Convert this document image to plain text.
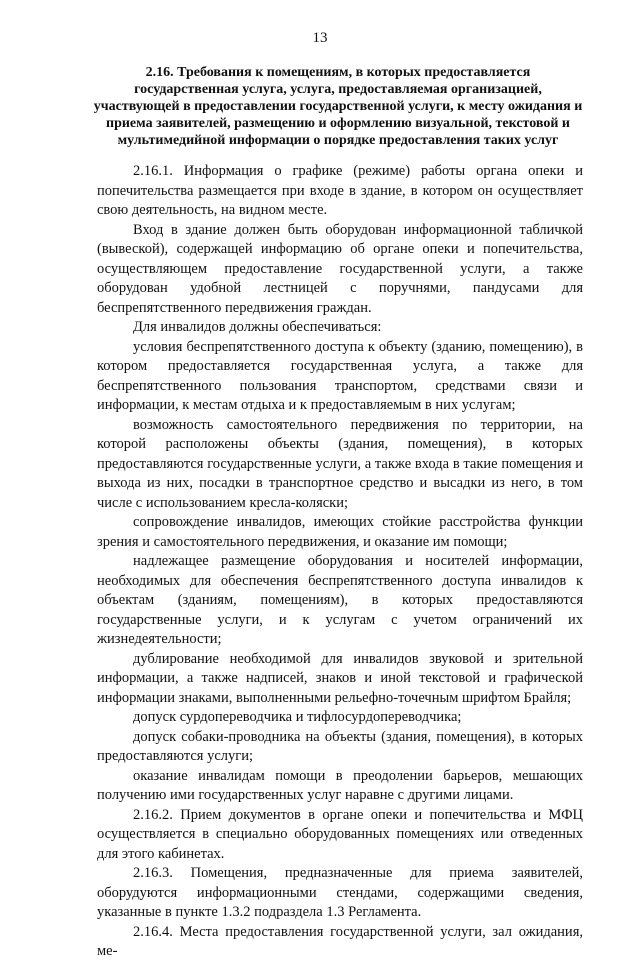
13
2.16. Требования к помещениям, в которых предоставляется государственная услуга, услуга, предоставляемая организацией, участвующей в предоставлении государственной услуги, к месту ожидания и приема заявителей, размещению и оформлению визуальной, текстовой и мультимедийной информации о порядке предоставления таких услуг

2.16.1. Информация о графике (режиме) работы органа опеки и попечительства размещается при входе в здание, в котором он осуществляет свою деятельность, на видном месте.

Вход в здание должен быть оборудован информационной табличкой (вывеской), содержащей информацию об органе опеки и попечительства, осуществляющем предоставление государственной услуги, а также оборудован удобной лестницей с поручнями, пандусами для беспрепятственного передвижения граждан.

Для инвалидов должны обеспечиваться:

условия беспрепятственного доступа к объекту (зданию, помещению), в котором предоставляется государственная услуга, а также для беспрепятственного пользования транспортом, средствами связи и информации, к местам отдыха и к предоставляемым в них услугам;

возможность самостоятельного передвижения по территории, на которой расположены объекты (здания, помещения), в которых предоставляются государственные услуги, а также входа в такие помещения и выхода из них, посадки в транспортное средство и высадки из него, в том числе с использованием кресла-коляски;

сопровождение инвалидов, имеющих стойкие расстройства функции зрения и самостоятельного передвижения, и оказание им помощи;

надлежащее размещение оборудования и носителей информации, необходимых для обеспечения беспрепятственного доступа инвалидов к объектам (зданиям, помещениям), в которых предоставляются государственные услуги, и к услугам с учетом ограничений их жизнедеятельности;

дублирование необходимой для инвалидов звуковой и зрительной информации, а также надписей, знаков и иной текстовой и графической информации знаками, выполненными рельефно-точечным шрифтом Брайля;

допуск сурдопереводчика и тифлосурдопереводчика;

допуск собаки-проводника на объекты (здания, помещения), в которых предоставляются услуги;

оказание инвалидам помощи в преодолении барьеров, мешающих получению ими государственных услуг наравне с другими лицами.

2.16.2. Прием документов в органе опеки и попечительства и МФЦ осуществляется в специально оборудованных помещениях или отведенных для этого кабинетах.

2.16.3. Помещения, предназначенные для приема заявителей, оборудуются информационными стендами, содержащими сведения, указанные в пункте 1.3.2 подраздела 1.3 Регламента.

2.16.4. Места предоставления государственной услуги, зал ожидания, ме-
